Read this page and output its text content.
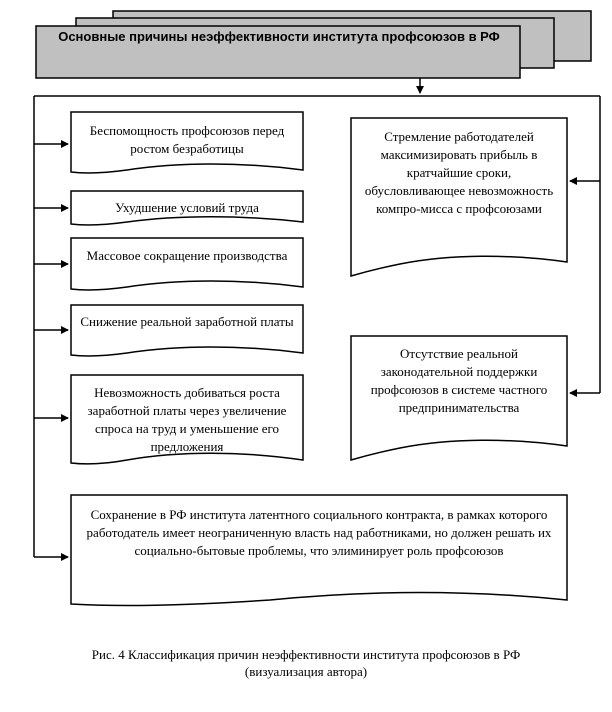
Основные причины неэффективности института профсоюзов в РФ
Беспомощность профсоюзов перед ростом безработицы
Ухудшение условий труда
Массовое сокращение производства
Снижение реальной заработной платы
Невозможность добиваться роста заработной платы через увеличение спроса на труд и уменьшение его предложения
Стремление работодателей максимизировать прибыль в кратчайшие сроки, обусловливающее невозможность компро-мисса с профсоюзами
Отсутствие реальной законодательной поддержки профсоюзов в системе частного предпринимательства
Сохранение в РФ института латентного социального контракта, в рамках которого работодатель имеет неограниченную власть над работниками, но должен решать их социально-бытовые проблемы, что элиминирует роль профсоюзов
Рис. 4 Классификация причин неэффективности института профсоюзов в РФ
(визуализация автора)
